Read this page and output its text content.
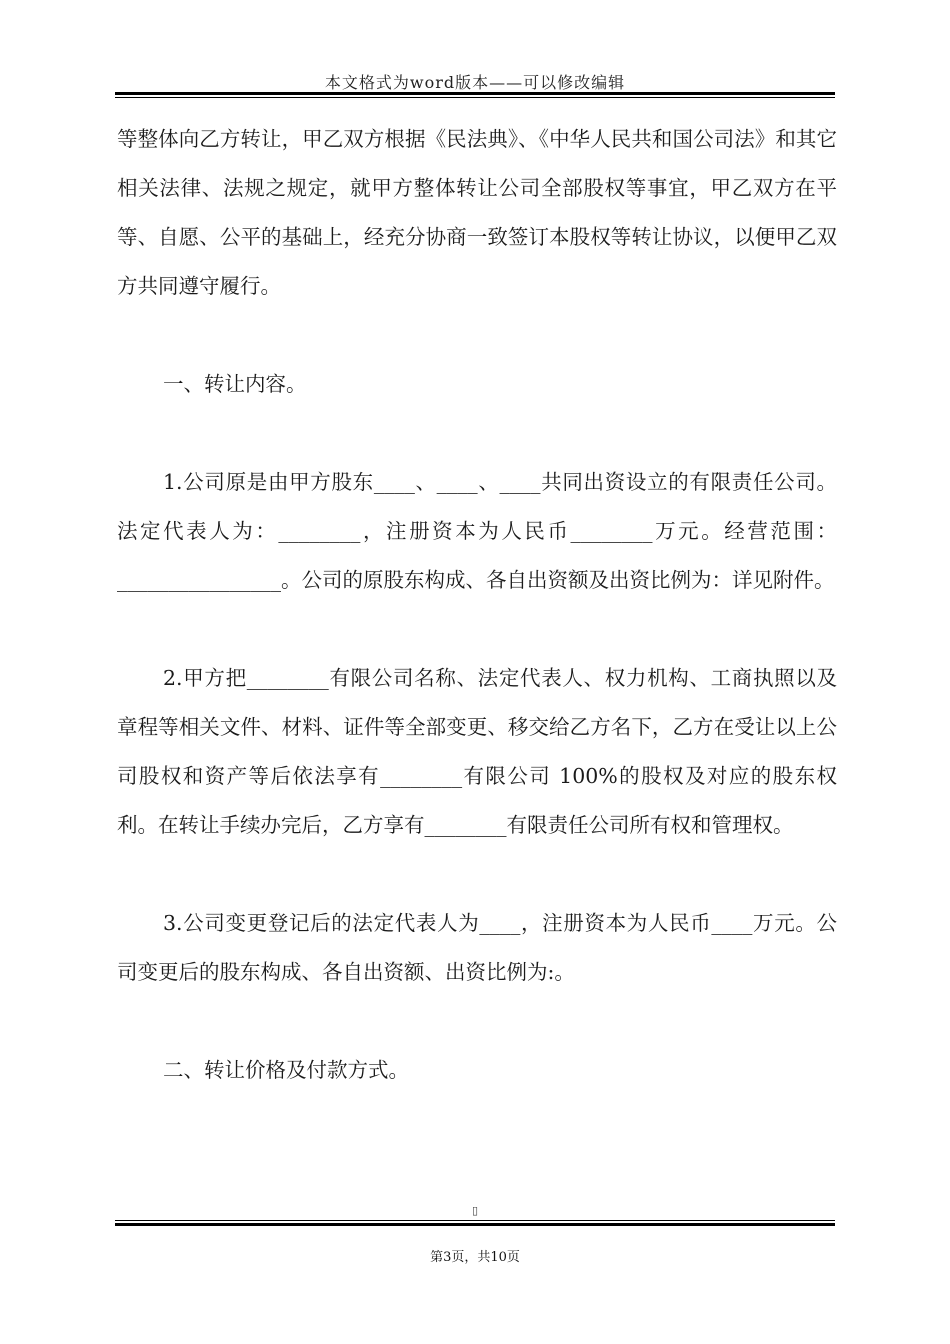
本文格式为word版本——可以修改编辑

等整体向乙方转让，甲乙双方根据《民法典》、《中华人民共和国公司法》和其它相关法律、法规之规定，就甲方整体转让公司全部股权等事宜，甲乙双方在平等、自愿、公平的基础上，经充分协商一致签订本股权等转让协议，以便甲乙双方共同遵守履行。

一、转让内容。

1.公司原是由甲方股东____、____、____共同出资设立的有限责任公司。法定代表人为：________，注册资本为人民币________万元。经营范围：________________。公司的原股东构成、各自出资额及出资比例为：详见附件。

2.甲方把________有限公司名称、法定代表人、权力机构、工商执照以及章程等相关文件、材料、证件等全部变更、移交给乙方名下，乙方在受让以上公司股权和资产等后依法享有________有限公司 100%的股权及对应的股东权利。在转让手续办完后，乙方享有________有限责任公司所有权和管理权。

3.公司变更登记后的法定代表人为____，注册资本为人民币____万元。公司变更后的股东构成、各自出资额、出资比例为:。

二、转让价格及付款方式。

▯
第3页，共10页
